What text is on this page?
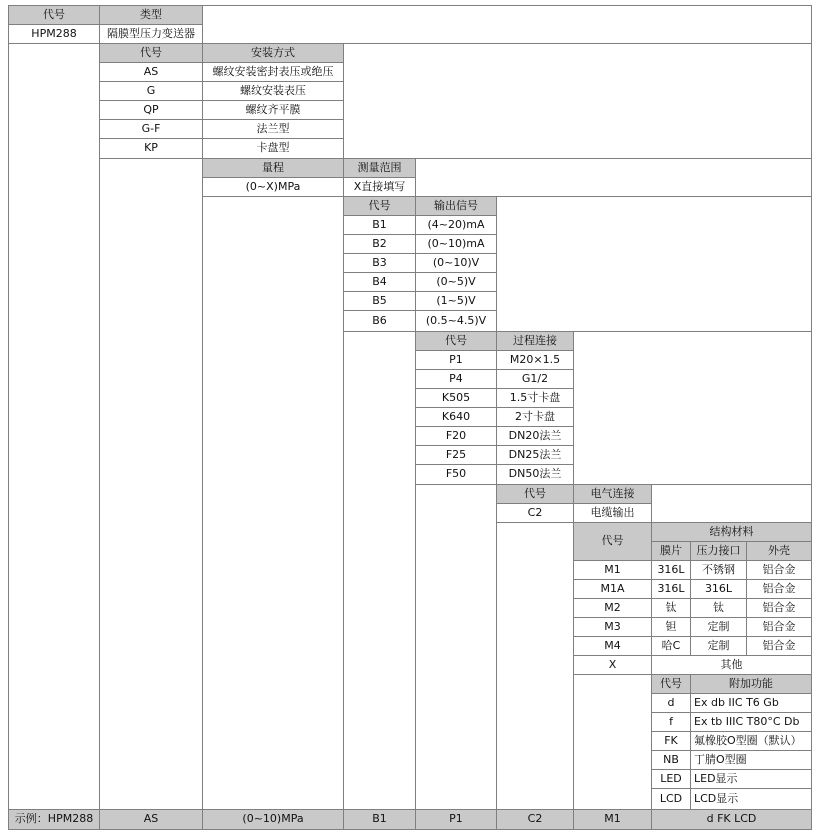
代号	类型
HPM288	隔膜型压力变送器
代号	安装方式
AS	螺纹安装密封表压或绝压
G	螺纹安装表压
QP	螺纹齐平膜
G-F	法兰型
KP	卡盘型
量程	测量范围
(0~X)MPa	X直接填写
代号	输出信号
B1	(4~20)mA
B2	(0~10)mA
B3	(0~10)V
B4	(0~5)V
B5	(1~5)V
B6	(0.5~4.5)V
代号	过程连接
P1	M20×1.5
P4	G1/2
K505	1.5寸卡盘
K640	2寸卡盘
F20	DN20法兰
F25	DN25法兰
F50	DN50法兰
代号	电气连接
C2	电缆输出
代号
结构材料
膜片	压力接口	外壳
M1	316L	不锈钢	铝合金
M1A	316L	316L	铝合金
M2	钛	钛	铝合金
M3	钽	定制	铝合金
M4	哈C	定制	铝合金
X	其他
代号	附加功能
d	Ex db IIC T6 Gb
f	Ex tb IIIC T80°C Db
FK	氟橡胶O型圈（默认）
NB	丁腈O型圈
LED	LED显示
LCD	LCD显示
示例：HPM288	AS	(0~10)MPa	B1	P1	C2	M1	d FK LCD
